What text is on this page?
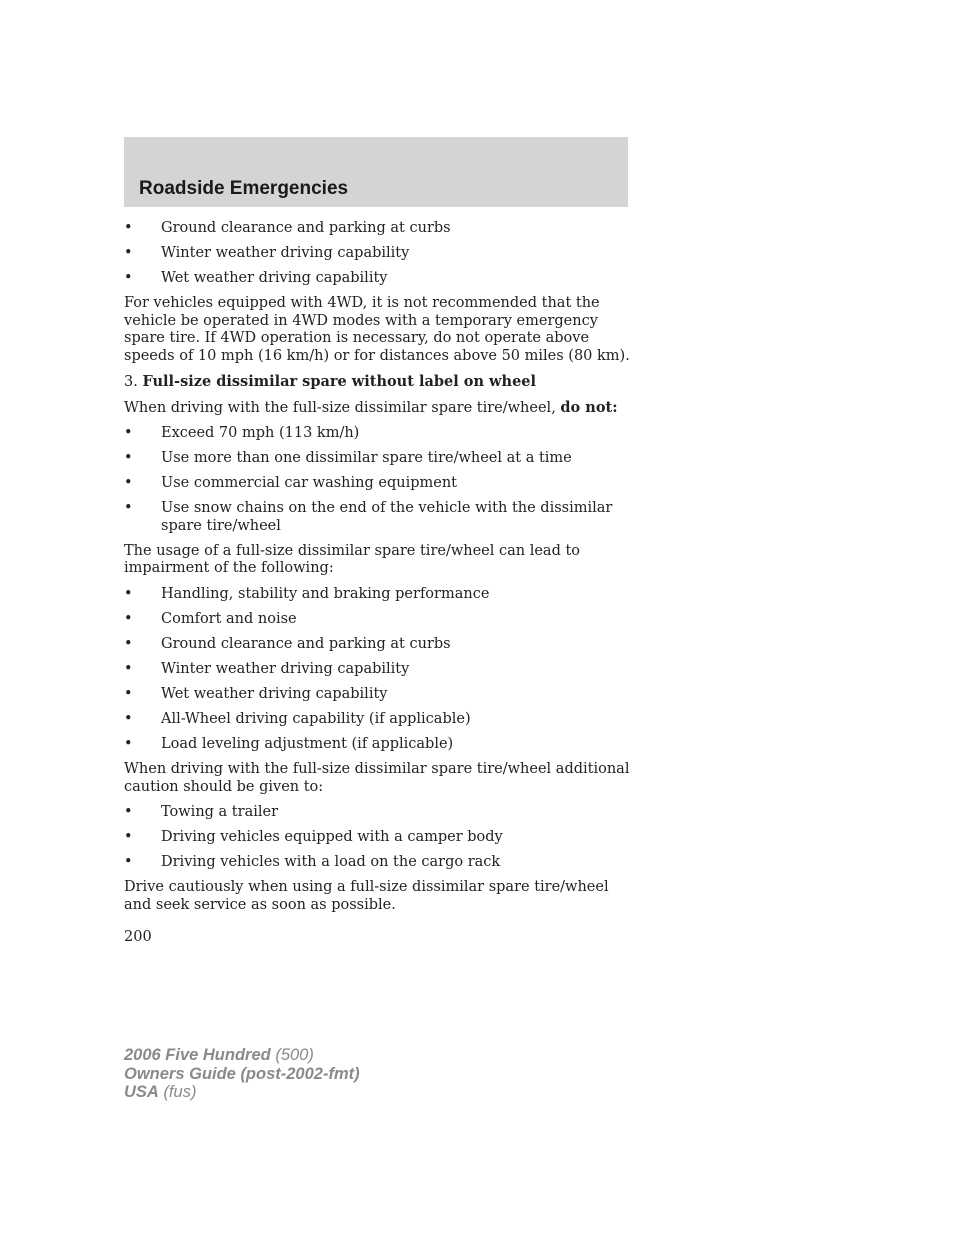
Roadside Emergencies
• Ground clearance and parking at curbs
• Winter weather driving capability
• Wet weather driving capability

For vehicles equipped with 4WD, it is not recommended that the vehicle be operated in 4WD modes with a temporary emergency spare tire. If 4WD operation is necessary, do not operate above speeds of 10 mph (16 km/h) or for distances above 50 miles (80 km).

3. Full-size dissimilar spare without label on wheel

When driving with the full-size dissimilar spare tire/wheel, do not:

• Exceed 70 mph (113 km/h)
• Use more than one dissimilar spare tire/wheel at a time
• Use commercial car washing equipment
• Use snow chains on the end of the vehicle with the dissimilar spare tire/wheel

The usage of a full-size dissimilar spare tire/wheel can lead to impairment of the following:

• Handling, stability and braking performance
• Comfort and noise
• Ground clearance and parking at curbs
• Winter weather driving capability
• Wet weather driving capability
• All-Wheel driving capability (if applicable)
• Load leveling adjustment (if applicable)

When driving with the full-size dissimilar spare tire/wheel additional caution should be given to:

• Towing a trailer
• Driving vehicles equipped with a camper body
• Driving vehicles with a load on the cargo rack

Drive cautiously when using a full-size dissimilar spare tire/wheel and seek service as soon as possible.

200
2006 Five Hundred (500)
Owners Guide (post-2002-fmt)
USA (fus)
